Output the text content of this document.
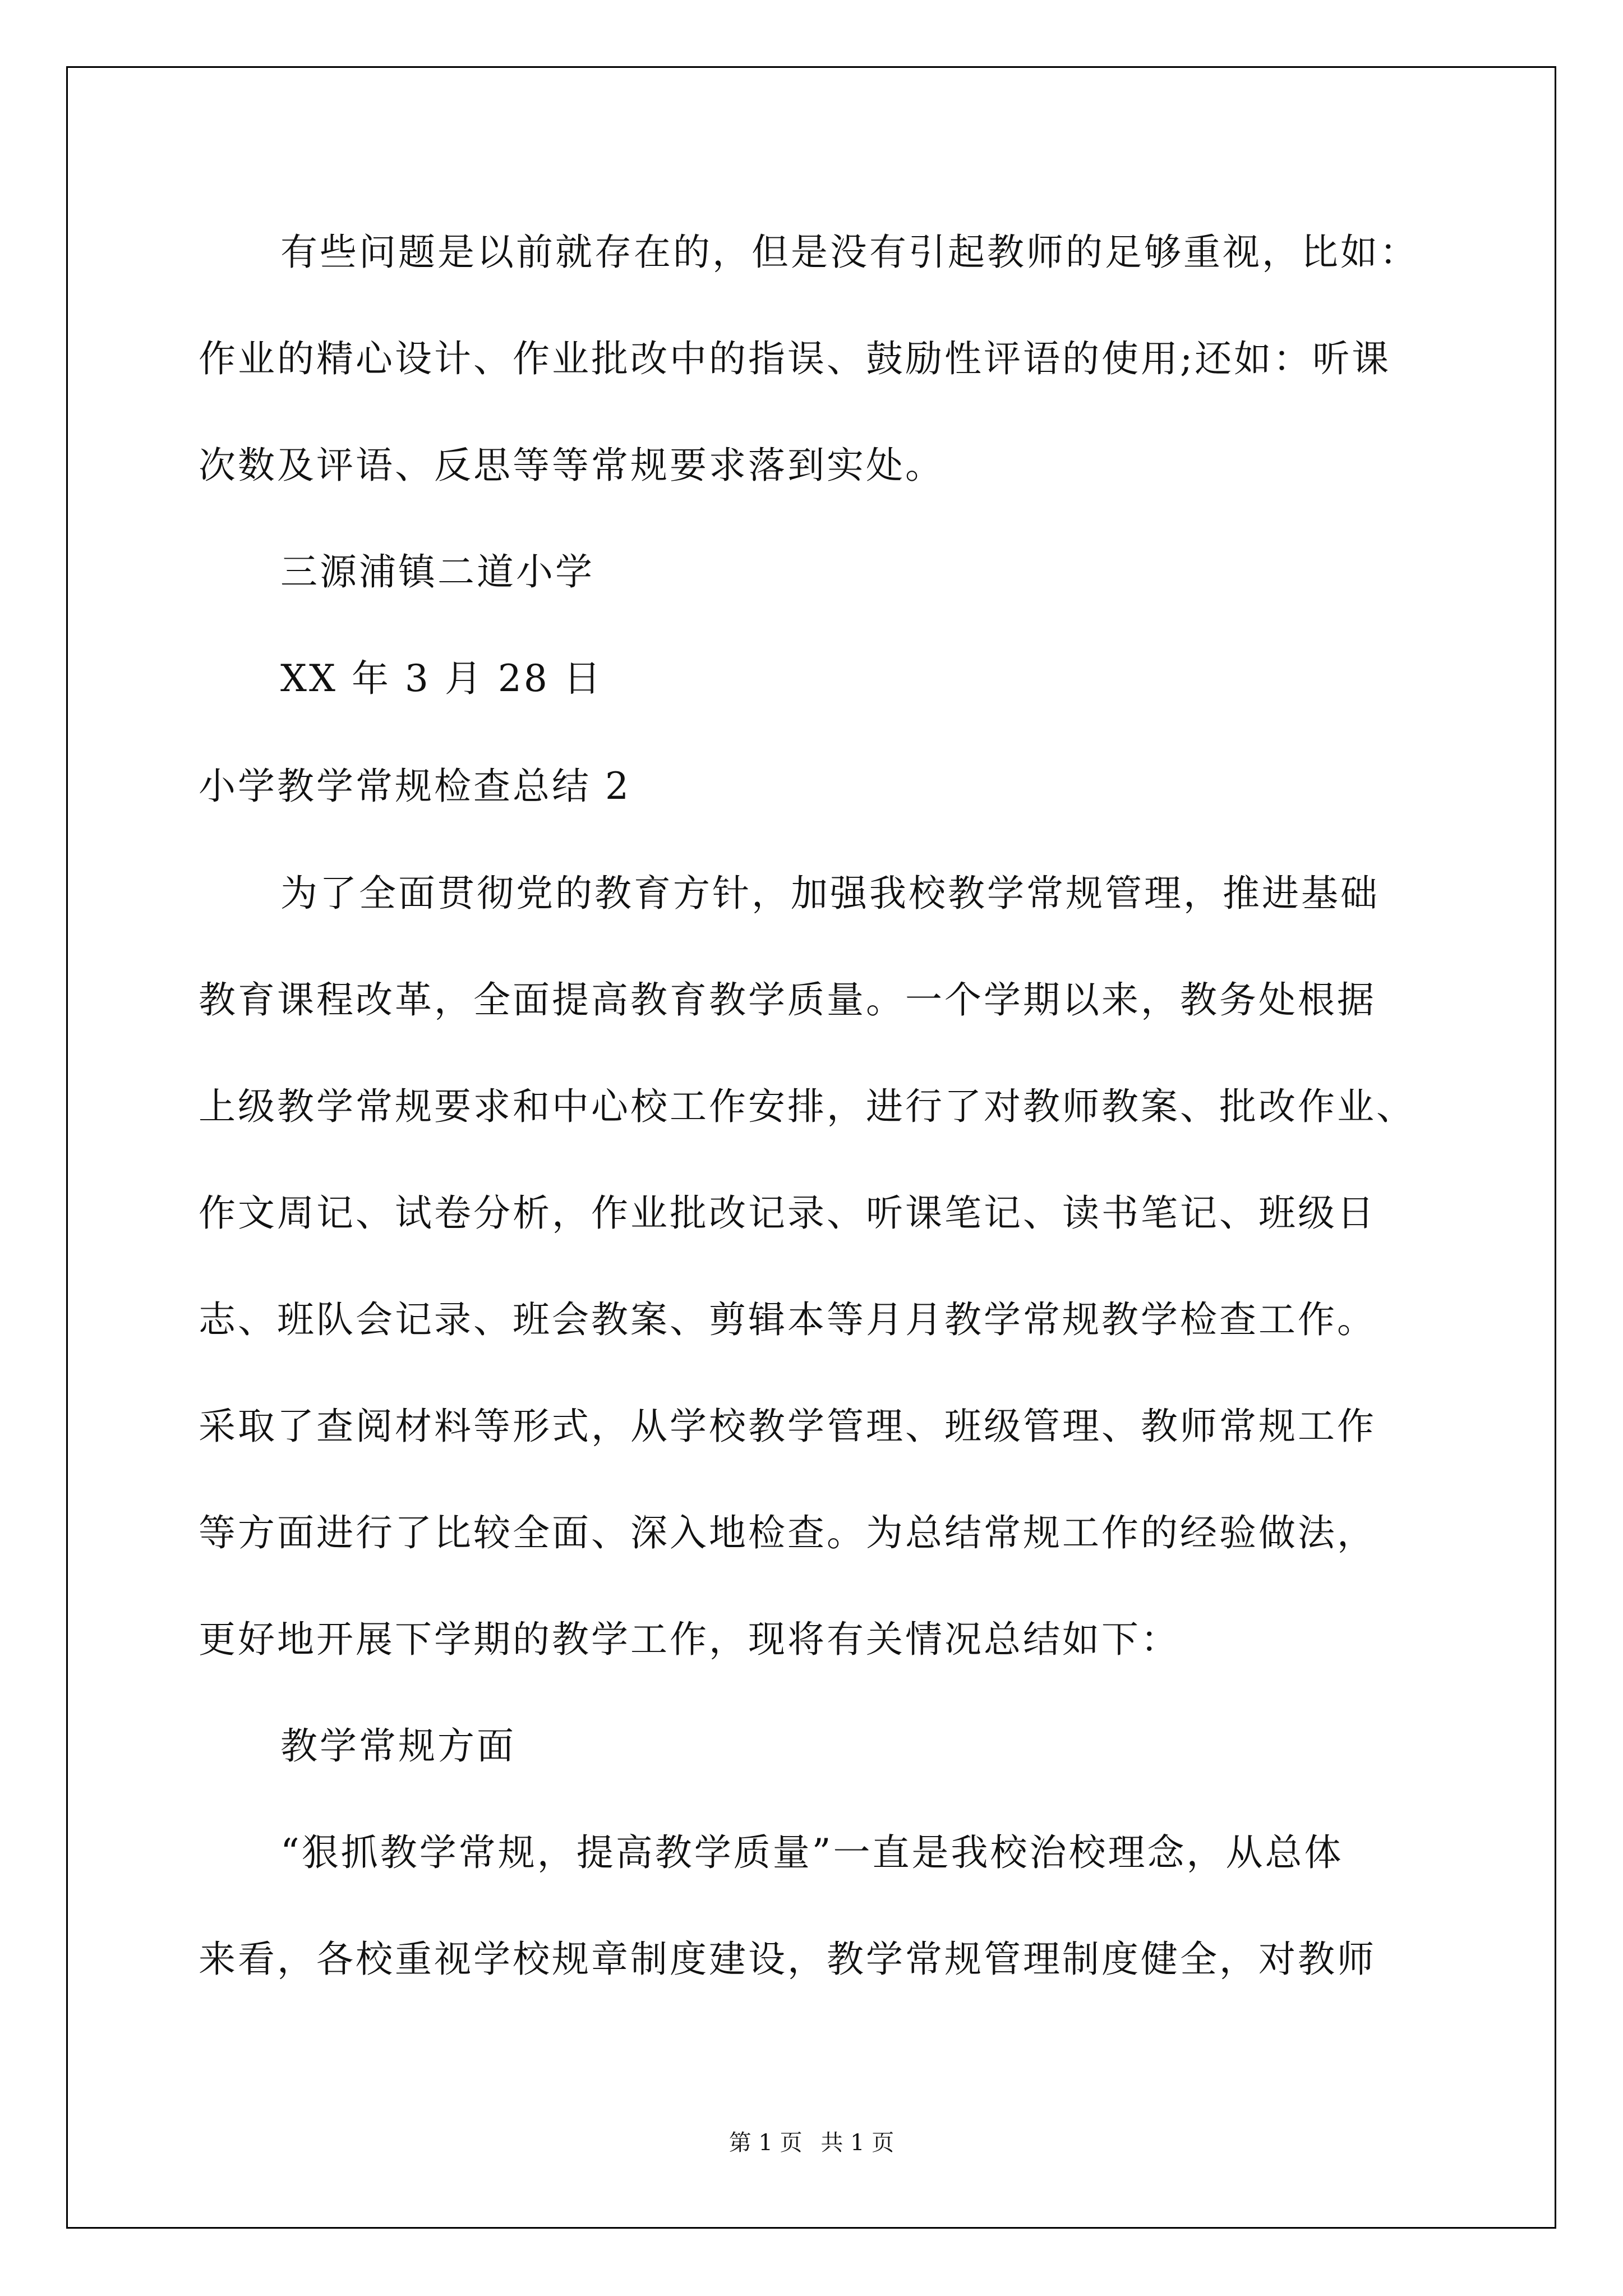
有些问题是以前就存在的，但是没有引起教师的足够重视，比如：
作业的精心设计、作业批改中的指误、鼓励性评语的使用;还如：听课
次数及评语、反思等等常规要求落到实处。
三源浦镇二道小学
XX 年 3 月 28 日
小学教学常规检查总结 2
为了全面贯彻党的教育方针，加强我校教学常规管理，推进基础
教育课程改革，全面提高教育教学质量。一个学期以来，教务处根据
上级教学常规要求和中心校工作安排，进行了对教师教案、批改作业、
作文周记、试卷分析，作业批改记录、听课笔记、读书笔记、班级日
志、班队会记录、班会教案、剪辑本等月月教学常规教学检查工作。
采取了查阅材料等形式，从学校教学管理、班级管理、教师常规工作
等方面进行了比较全面、深入地检查。为总结常规工作的经验做法，
更好地开展下学期的教学工作，现将有关情况总结如下：
教学常规方面
“狠抓教学常规，提高教学质量”一直是我校治校理念，从总体
来看，各校重视学校规章制度建设，教学常规管理制度健全，对教师
第 1 页 共 1 页
